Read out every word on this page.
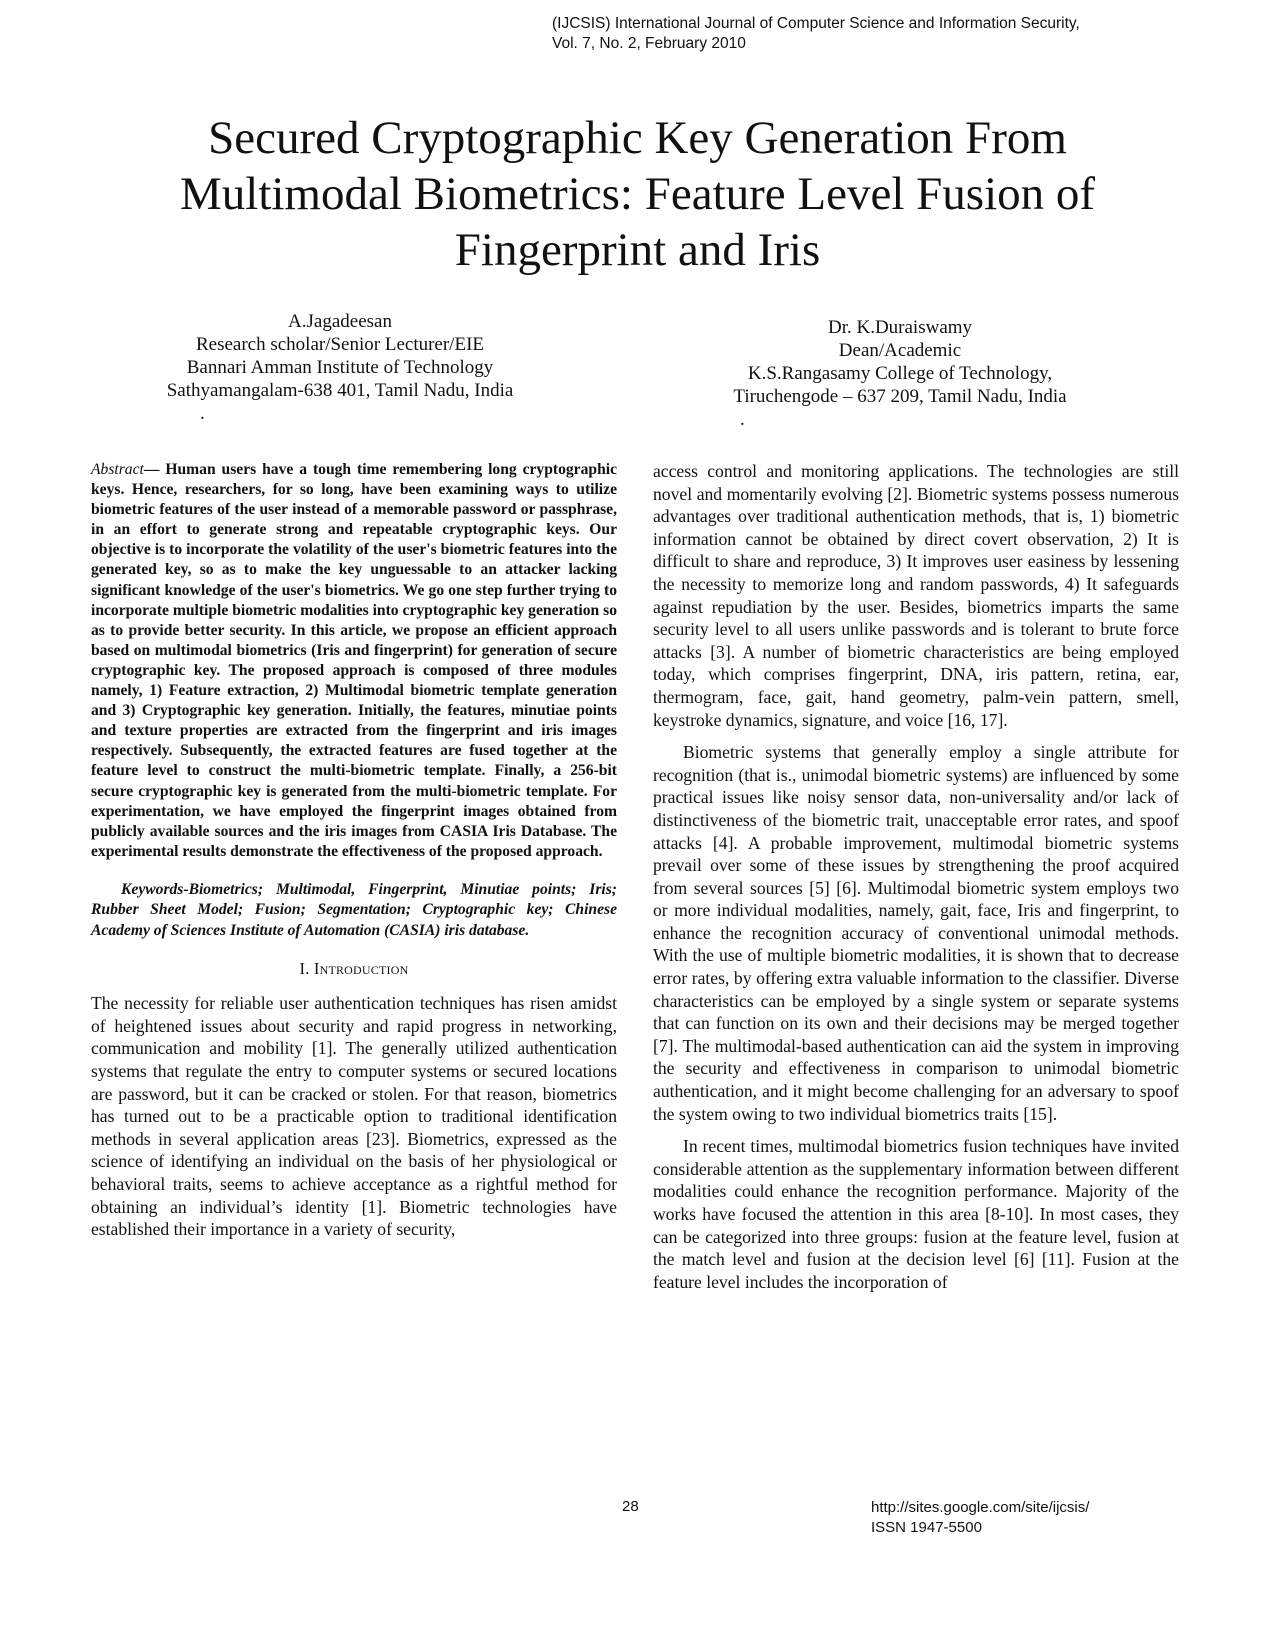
(IJCSIS) International Journal of Computer Science and Information Security,
Vol. 7, No. 2, February 2010
Secured Cryptographic Key Generation From
Multimodal Biometrics: Feature Level Fusion of
Fingerprint and Iris
A.Jagadeesan
Research scholar/Senior Lecturer/EIE
Bannari Amman Institute of Technology
Sathyamangalam-638 401, Tamil Nadu, India
.
Dr. K.Duraiswamy
Dean/Academic
K.S.Rangasamy College of Technology,
Tiruchengode – 637 209, Tamil Nadu, India
.

Abstract— Human users have a tough time remembering long cryptographic keys. Hence, researchers, for so long, have been examining ways to utilize biometric features of the user instead of a memorable password or passphrase, in an effort to generate strong and repeatable cryptographic keys. Our objective is to incorporate the volatility of the user's biometric features into the generated key, so as to make the key unguessable to an attacker lacking significant knowledge of the user's biometrics. We go one step further trying to incorporate multiple biometric modalities into cryptographic key generation so as to provide better security. In this article, we propose an efficient approach based on multimodal biometrics (Iris and fingerprint) for generation of secure cryptographic key. The proposed approach is composed of three modules namely, 1) Feature extraction, 2) Multimodal biometric template generation and 3) Cryptographic key generation. Initially, the features, minutiae points and texture properties are extracted from the fingerprint and iris images respectively. Subsequently, the extracted features are fused together at the feature level to construct the multi-biometric template. Finally, a 256-bit secure cryptographic key is generated from the multi-biometric template. For experimentation, we have employed the fingerprint images obtained from publicly available sources and the iris images from CASIA Iris Database. The experimental results demonstrate the effectiveness of the proposed approach.

Keywords-Biometrics; Multimodal, Fingerprint, Minutiae points; Iris; Rubber Sheet Model; Fusion; Segmentation; Cryptographic key; Chinese Academy of Sciences Institute of Automation (CASIA) iris database.

I. Introduction

The necessity for reliable user authentication techniques has risen amidst of heightened issues about security and rapid progress in networking, communication and mobility [1]. The generally utilized authentication systems that regulate the entry to computer systems or secured locations are password, but it can be cracked or stolen. For that reason, biometrics has turned out to be a practicable option to traditional identification methods in several application areas [23]. Biometrics, expressed as the science of identifying an individual on the basis of her physiological or behavioral traits, seems to achieve acceptance as a rightful method for obtaining an individual’s identity [1]. Biometric technologies have established their importance in a variety of security,

access control and monitoring applications. The technologies are still novel and momentarily evolving [2]. Biometric systems possess numerous advantages over traditional authentication methods, that is, 1) biometric information cannot be obtained by direct covert observation, 2) It is difficult to share and reproduce, 3) It improves user easiness by lessening the necessity to memorize long and random passwords, 4) It safeguards against repudiation by the user. Besides, biometrics imparts the same security level to all users unlike passwords and is tolerant to brute force attacks [3]. A number of biometric characteristics are being employed today, which comprises fingerprint, DNA, iris pattern, retina, ear, thermogram, face, gait, hand geometry, palm-vein pattern, smell, keystroke dynamics, signature, and voice [16, 17].

Biometric systems that generally employ a single attribute for recognition (that is., unimodal biometric systems) are influenced by some practical issues like noisy sensor data, non-universality and/or lack of distinctiveness of the biometric trait, unacceptable error rates, and spoof attacks [4]. A probable improvement, multimodal biometric systems prevail over some of these issues by strengthening the proof acquired from several sources [5] [6]. Multimodal biometric system employs two or more individual modalities, namely, gait, face, Iris and fingerprint, to enhance the recognition accuracy of conventional unimodal methods. With the use of multiple biometric modalities, it is shown that to decrease error rates, by offering extra valuable information to the classifier. Diverse characteristics can be employed by a single system or separate systems that can function on its own and their decisions may be merged together [7]. The multimodal-based authentication can aid the system in improving the security and effectiveness in comparison to unimodal biometric authentication, and it might become challenging for an adversary to spoof the system owing to two individual biometrics traits [15].

In recent times, multimodal biometrics fusion techniques have invited considerable attention as the supplementary information between different modalities could enhance the recognition performance. Majority of the works have focused the attention in this area [8-10]. In most cases, they can be categorized into three groups: fusion at the feature level, fusion at the match level and fusion at the decision level [6] [11]. Fusion at the feature level includes the incorporation of

28	http://sites.google.com/site/ijcsis/
ISSN 1947-5500
